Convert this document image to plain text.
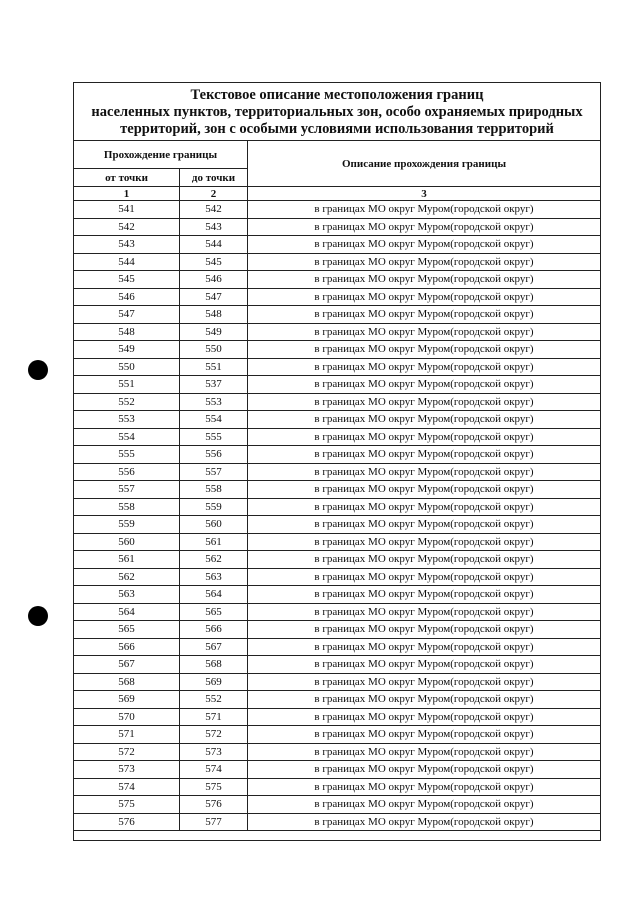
Текстовое описание местоположения границ
населенных пунктов, территориальных зон, особо охраняемых природных
территорий, зон с особыми условиями использования территорий
Прохождение границы
Описание прохождения границы
от точки	до точки
1	2	3
541	542	в границах МО округ Муром(городской округ)
542	543	в границах МО округ Муром(городской округ)
543	544	в границах МО округ Муром(городской округ)
544	545	в границах МО округ Муром(городской округ)
545	546	в границах МО округ Муром(городской округ)
546	547	в границах МО округ Муром(городской округ)
547	548	в границах МО округ Муром(городской округ)
548	549	в границах МО округ Муром(городской округ)
549	550	в границах МО округ Муром(городской округ)
550	551	в границах МО округ Муром(городской округ)
551	537	в границах МО округ Муром(городской округ)
552	553	в границах МО округ Муром(городской округ)
553	554	в границах МО округ Муром(городской округ)
554	555	в границах МО округ Муром(городской округ)
555	556	в границах МО округ Муром(городской округ)
556	557	в границах МО округ Муром(городской округ)
557	558	в границах МО округ Муром(городской округ)
558	559	в границах МО округ Муром(городской округ)
559	560	в границах МО округ Муром(городской округ)
560	561	в границах МО округ Муром(городской округ)
561	562	в границах МО округ Муром(городской округ)
562	563	в границах МО округ Муром(городской округ)
563	564	в границах МО округ Муром(городской округ)
564	565	в границах МО округ Муром(городской округ)
565	566	в границах МО округ Муром(городской округ)
566	567	в границах МО округ Муром(городской округ)
567	568	в границах МО округ Муром(городской округ)
568	569	в границах МО округ Муром(городской округ)
569	552	в границах МО округ Муром(городской округ)
570	571	в границах МО округ Муром(городской округ)
571	572	в границах МО округ Муром(городской округ)
572	573	в границах МО округ Муром(городской округ)
573	574	в границах МО округ Муром(городской округ)
574	575	в границах МО округ Муром(городской округ)
575	576	в границах МО округ Муром(городской округ)
576	577	в границах МО округ Муром(городской округ)
